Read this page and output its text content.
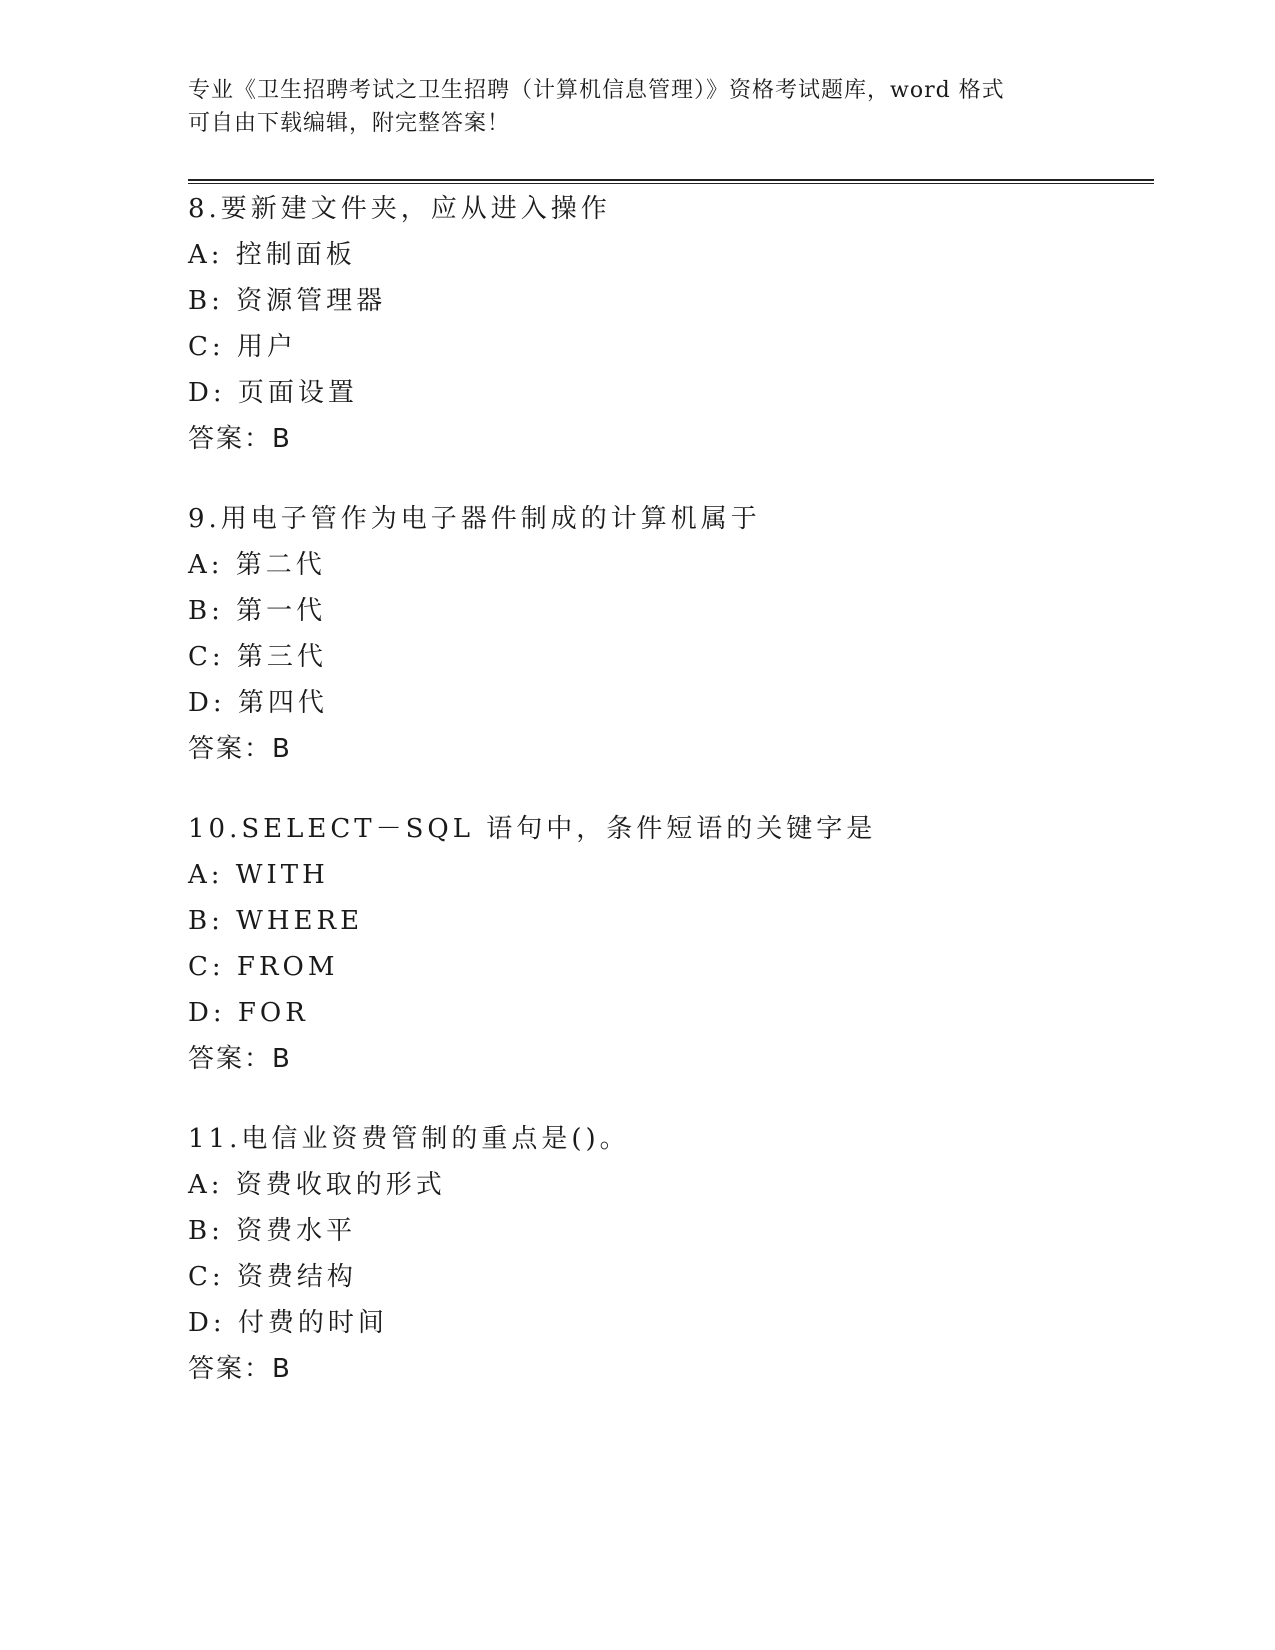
专业《卫生招聘考试之卫生招聘（计算机信息管理）》资格考试题库，word 格式
可自由下载编辑，附完整答案！
8.要新建文件夹，应从进入操作
A: 控制面板
B: 资源管理器
C: 用户
D: 页面设置
答案：B
9.用电子管作为电子器件制成的计算机属于
A: 第二代
B: 第一代
C: 第三代
D: 第四代
答案：B
10.SELECT－SQL 语句中，条件短语的关键字是
A: WITH
B: WHERE
C: FROM
D: FOR
答案：B
11.电信业资费管制的重点是()。
A: 资费收取的形式
B: 资费水平
C: 资费结构
D: 付费的时间
答案：B
